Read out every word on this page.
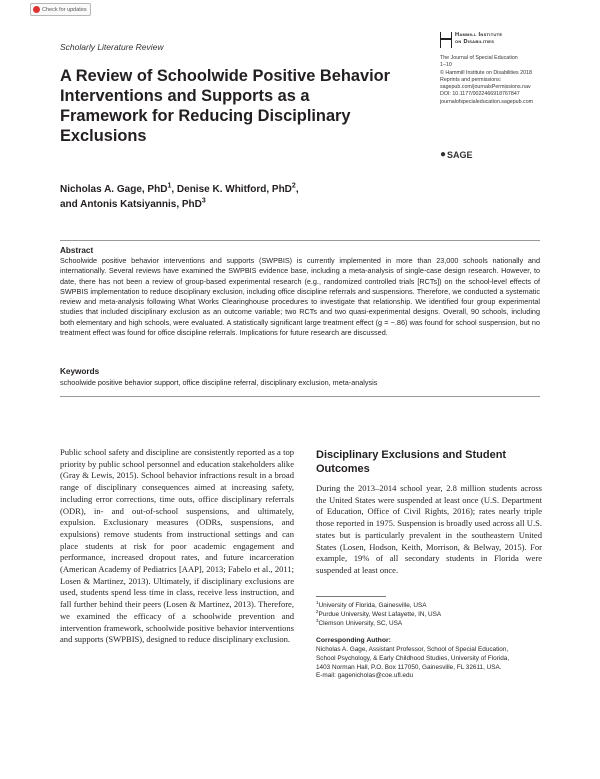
Check for updates
Scholarly Literature Review
Hammill Institute
on Disabilities
The Journal of Special Education
1–10
© Hammill Institute on Disabilities 2018
Reprints and permissions:
sagepub.com/journalsPermissions.nav
DOI: 10.1177/0022466918767847
journalofspecialeducation.sagepub.com
● SAGE
A Review of Schoolwide Positive Behavior Interventions and Supports as a Framework for Reducing Disciplinary Exclusions
Nicholas A. Gage, PhD$^1$, Denise K. Whitford, PhD$^2$,
and Antonis Katsiyannis, PhD$^3$
Abstract
Schoolwide positive behavior interventions and supports (SWPBIS) is currently implemented in more than 23,000 schools nationally and internationally. Several reviews have examined the SWPBIS evidence base, including a meta-analysis of single-case design research. However, to date, there has not been a review of group-based experimental research (e.g., randomized controlled trials [RCTs]) on the school-level effects of SWPBIS implementation to reduce disciplinary exclusion, including office discipline referrals and suspensions. Therefore, we conducted a systematic review and meta-analysis following What Works Clearinghouse procedures to investigate that relationship. We identified four group experimental studies that included disciplinary exclusion as an outcome variable; two RCTs and two quasi-experimental designs. Overall, 90 schools, including both elementary and high schools, were evaluated. A statistically significant large treatment effect (g = −.86) was found for school suspension, but no treatment effect was found for office discipline referrals. Implications for future research are discussed.
Keywords
schoolwide positive behavior support, office discipline referral, disciplinary exclusion, meta-analysis
Public school safety and discipline are consistently reported as a top priority by public school personnel and education stakeholders alike (Gray & Lewis, 2015). School behavior infractions result in a broad range of disciplinary consequences aimed at increasing safety, including error corrections, time outs, office disciplinary referrals (ODR), in- and out-of-school suspensions, and ultimately, expulsion. Exclusionary measures (ODRs, suspensions, and expulsions) remove students from instructional settings and can place students at risk for poor academic engagement and performance, increased dropout rates, and future incarceration (American Academy of Pediatrics [AAP], 2013; Fabelo et al., 2011; Losen & Martinez, 2013). Ultimately, if disciplinary exclusions are used, students spend less time in class, receive less instruction, and fall further behind their peers (Losen & Martinez, 2013). Therefore, we examined the efficacy of a schoolwide prevention and intervention framework, schoolwide positive behavior interventions and supports (SWPBIS), designed to reduce disciplinary exclusion.
Disciplinary Exclusions and Student Outcomes
During the 2013–2014 school year, 2.8 million students across the United States were suspended at least once (U.S. Department of Education, Office of Civil Rights, 2016); rates nearly triple those reported in 1975. Suspension is broadly used across all U.S. states but is particularly prevalent in the southeastern United States (Losen, Hodson, Keith, Morrison, & Belway, 2015). For example, 19% of all secondary students in Florida were suspended at least once.
$^1$University of Florida, Gainesville, USA
$^2$Purdue University, West Lafayette, IN, USA
$^3$Clemson University, SC, USA
Corresponding Author:
Nicholas A. Gage, Assistant Professor, School of Special Education,
School Psychology, & Early Childhood Studies, University of Florida,
1403 Norman Hall, P.O. Box 117050, Gainesville, FL 32611, USA.
E-mail: gagenicholas@coe.ufl.edu
